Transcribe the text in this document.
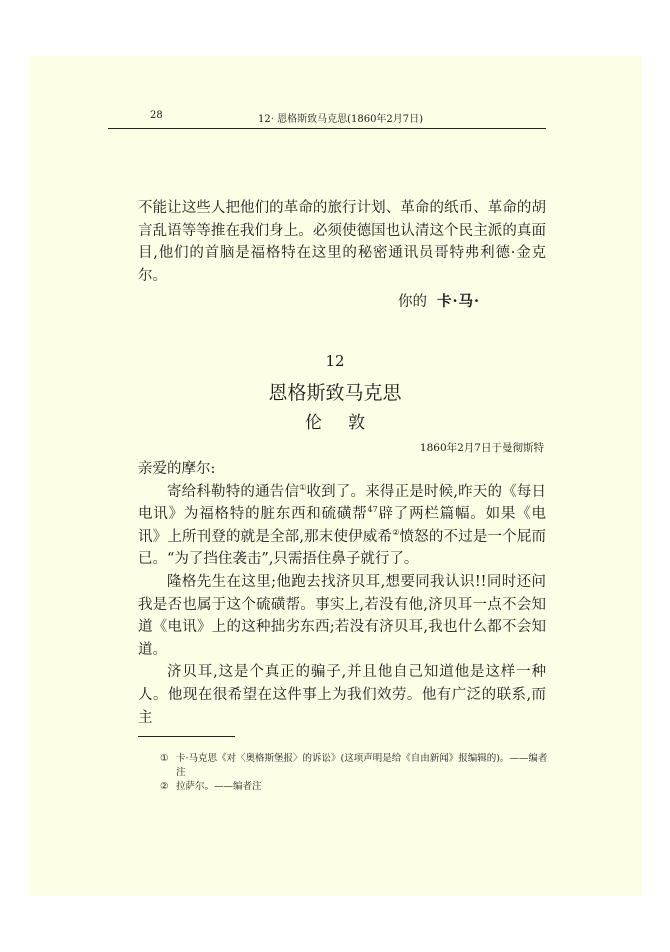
28	12· 恩格斯致马克思(1860年2月7日)

不能让这些人把他们的革命的旅行计划、革命的纸币、革命的胡言乱语等等推在我们身上。必须使德国也认清这个民主派的真面目,他们的首脑是福格特在这里的秘密通讯员哥特弗利德·金克尔。

你的 卡·马·
12
恩格斯致马克思
伦敦
1860年2月7日于曼彻斯特

亲爱的摩尔:

寄给科勒特的通告信①收到了。来得正是时候,昨天的《每日电讯》为福格特的脏东西和硫磺帮$^{47}$辟了两栏篇幅。如果《电讯》上所刊登的就是全部,那末使伊威希②愤怒的不过是一个屁而已。“为了挡住袭击”,只需捂住鼻子就行了。

隆格先生在这里;他跑去找济贝耳,想要同我认识!!同时还问我是否也属于这个硫磺帮。事实上,若没有他,济贝耳一点不会知道《电讯》上的这种拙劣东西;若没有济贝耳,我也什么都不会知道。

济贝耳,这是个真正的骗子,并且他自己知道他是这样一种人。他现在很希望在这件事上为我们效劳。他有广泛的联系,而主

① 卡·马克思《对〈奥格斯堡报〉的诉讼》(这项声明是给《自由新闻》报编辑的)。——编者注
② 拉萨尔。——编者注
